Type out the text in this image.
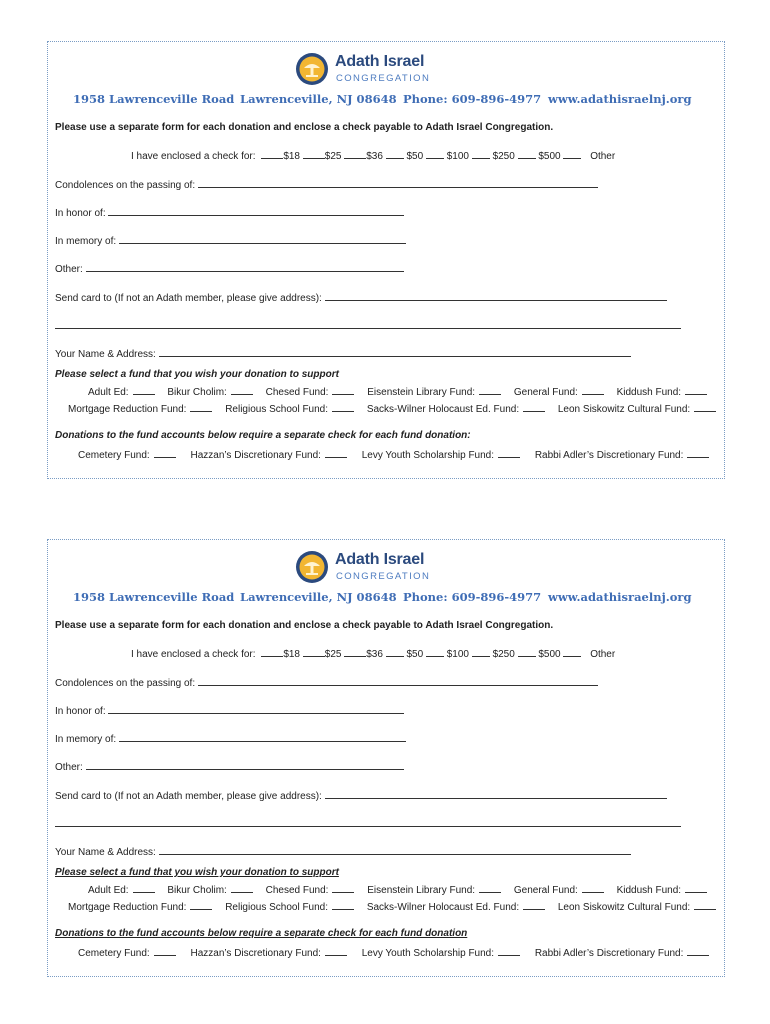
Adath Israel
CONGREGATION
1958 Lawrenceville Road Lawrenceville, NJ 08648 Phone: 609-896-4977 www.adathisraelnj.org
Please use a separate form for each donation and enclose a check payable to Adath Israel Congregation.
I have enclosed a check for:	$18 $25 $36 $50 $100 $250 $500	Other
Condolences on the passing of:
In honor of:
In memory of:
Other:
Send card to (If not an Adath member, please give address):
Your Name & Address:
Please select a fund that you wish your donation to support
Adult Ed:	Bikur Cholim:	Chesed Fund:	Eisenstein Library Fund:	General Fund:	Kiddush Fund:
Mortgage Reduction Fund:	Religious School Fund:	Sacks-Wilner Holocaust Ed. Fund:	Leon Siskowitz Cultural Fund:
Donations to the fund accounts below require a separate check for each fund donation:
Cemetery Fund:	Hazzan’s Discretionary Fund:	Levy Youth Scholarship Fund:	Rabbi Adler’s Discretionary Fund:
Adath Israel
CONGREGATION
1958 Lawrenceville Road Lawrenceville, NJ 08648 Phone: 609-896-4977 www.adathisraelnj.org
Please use a separate form for each donation and enclose a check payable to Adath Israel Congregation.
I have enclosed a check for:	$18 $25 $36 $50 $100 $250 $500	Other
Condolences on the passing of:
In honor of:
In memory of:
Other:
Send card to (If not an Adath member, please give address):
Your Name & Address:
Please select a fund that you wish your donation to support
Adult Ed:	Bikur Cholim:	Chesed Fund:	Eisenstein Library Fund:	General Fund:	Kiddush Fund:
Mortgage Reduction Fund:	Religious School Fund:	Sacks-Wilner Holocaust Ed. Fund:	Leon Siskowitz Cultural Fund:
Donations to the fund accounts below require a separate check for each fund donation
Cemetery Fund:	Hazzan’s Discretionary Fund:	Levy Youth Scholarship Fund:	Rabbi Adler’s Discretionary Fund:
